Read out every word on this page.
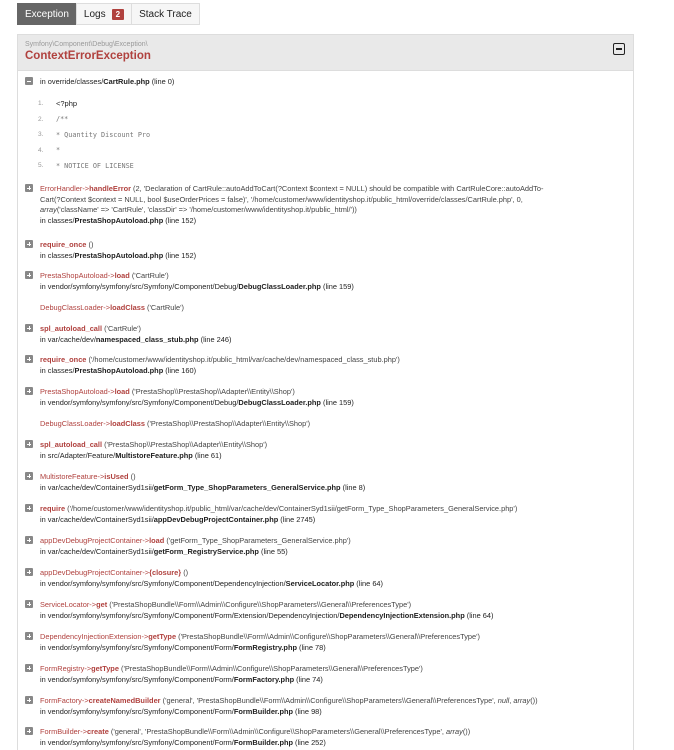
Exception Logs	2	Stack Trace
Symfony\Component\Debug\Exception\
ContextErrorException
in override/classes/CartRule.php (line 0)
1.	<?php
2.	/**
3.	* Quantity Discount Pro
4.	*
5.	* NOTICE OF LICENSE
ErrorHandler->handleError (2, 'Declaration of CartRule::autoAddToCart(?Context $context = NULL) should be compatible with CartRuleCore::autoAddTo-
Cart(?Context $context = NULL, bool $useOrderPrices = false)', '/home/customer/www/identityshop.it/public_html/override/classes/CartRule.php', 0,
array('className' => 'CartRule', 'classDir' => '/home/customer/www/identityshop.it/public_html/'))
in classes/PrestaShopAutoload.php (line 152)
require_once ()
in classes/PrestaShopAutoload.php (line 152)
PrestaShopAutoload->load ('CartRule')
in vendor/symfony/symfony/src/Symfony/Component/Debug/DebugClassLoader.php (line 159)
DebugClassLoader->loadClass ('CartRule')
spl_autoload_call ('CartRule')
in var/cache/dev/namespaced_class_stub.php (line 246)
require_once ('/home/customer/www/identityshop.it/public_html/var/cache/dev/namespaced_class_stub.php')
in classes/PrestaShopAutoload.php (line 160)
PrestaShopAutoload->load ('PrestaShop\\PrestaShop\\Adapter\\Entity\\Shop')
in vendor/symfony/symfony/src/Symfony/Component/Debug/DebugClassLoader.php (line 159)
DebugClassLoader->loadClass ('PrestaShop\\PrestaShop\\Adapter\\Entity\\Shop')
spl_autoload_call ('PrestaShop\\PrestaShop\\Adapter\\Entity\\Shop')
in src/Adapter/Feature/MultistoreFeature.php (line 61)
MultistoreFeature->isUsed ()
in var/cache/dev/ContainerSyd1sii/getForm_Type_ShopParameters_GeneralService.php (line 8)
require ('/home/customer/www/identityshop.it/public_html/var/cache/dev/ContainerSyd1sii/getForm_Type_ShopParameters_GeneralService.php')
in var/cache/dev/ContainerSyd1sii/appDevDebugProjectContainer.php (line 2745)
appDevDebugProjectContainer->load ('getForm_Type_ShopParameters_GeneralService.php')
in var/cache/dev/ContainerSyd1sii/getForm_RegistryService.php (line 55)
appDevDebugProjectContainer->{closure} ()
in vendor/symfony/symfony/src/Symfony/Component/DependencyInjection/ServiceLocator.php (line 64)
ServiceLocator->get ('PrestaShopBundle\\Form\\Admin\\Configure\\ShopParameters\\General\\PreferencesType')
in vendor/symfony/symfony/src/Symfony/Component/Form/Extension/DependencyInjection/DependencyInjectionExtension.php (line 64)
DependencyInjectionExtension->getType ('PrestaShopBundle\\Form\\Admin\\Configure\\ShopParameters\\General\\PreferencesType')
in vendor/symfony/symfony/src/Symfony/Component/Form/FormRegistry.php (line 78)
FormRegistry->getType ('PrestaShopBundle\\Form\\Admin\\Configure\\ShopParameters\\General\\PreferencesType')
in vendor/symfony/symfony/src/Symfony/Component/Form/FormFactory.php (line 74)
FormFactory->createNamedBuilder ('general', 'PrestaShopBundle\\Form\\Admin\\Configure\\ShopParameters\\General\\PreferencesType', null, array())
in vendor/symfony/symfony/src/Symfony/Component/Form/FormBuilder.php (line 98)
FormBuilder->create ('general', 'PrestaShopBundle\\Form\\Admin\\Configure\\ShopParameters\\General\\PreferencesType', array())
in vendor/symfony/symfony/src/Symfony/Component/Form/FormBuilder.php (line 252)
